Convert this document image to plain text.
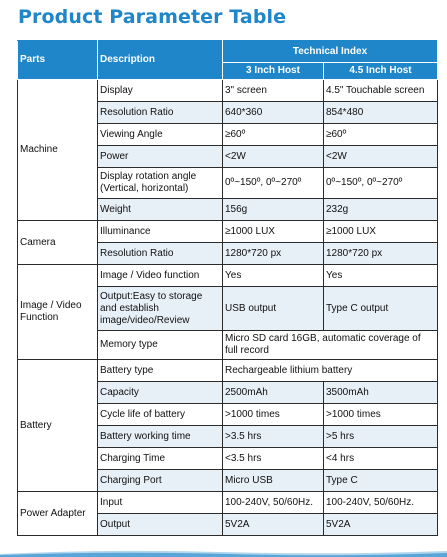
Product Parameter Table
Parts	Description	Technical Index	
		3 Inch Host	4.5 Inch Host
Machine	Display	3" screen	4.5" Touchable screen
	Resolution Ratio	640*360	854*480
	Viewing Angle	≥60º	≥60º
	Power	<2W	<2W
	Display rotation angle (Vertical, horizontal)	0º~150º, 0º~270º	0º~150º, 0º~270º
	Weight	156g	232g
Camera	Illuminance	≥1000 LUX	≥1000 LUX
	Resolution Ratio	1280*720 px	1280*720 px
Image / Video Function	Image / Video function	Yes	Yes
	Output:Easy to storage and establish image/video/Review	USB output	Type C output
	Memory type	Micro SD card 16GB, automatic coverage of full record	
Battery	Battery type	Rechargeable lithium battery	
	Capacity	2500mAh	3500mAh
	Cycle life of battery	>1000 times	>1000 times
	Battery working time	>3.5 hrs	>5 hrs
	Charging Time	<3.5 hrs	<4 hrs
	Charging Port	Micro USB	Type C
Power Adapter	Input	100-240V, 50/60Hz.	100-240V, 50/60Hz.
	Output	5V2A	5V2A
